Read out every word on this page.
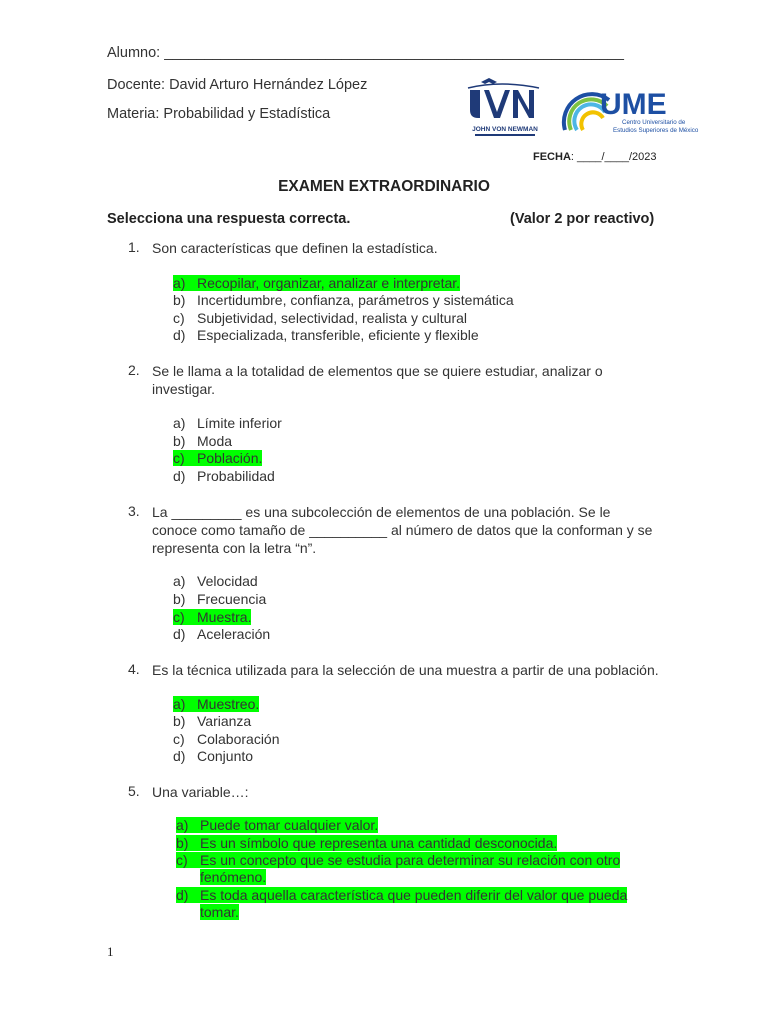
Alumno: _________________________________________________________
Docente: David Arturo Hernández López
Materia: Probabilidad y Estadística
JOHN VON NEWMAN
UME
Centro Universitario de
Estudios Superiores de México
FECHA: ____/____/2023
EXAMEN EXTRAORDINARIO
Selecciona una respuesta correcta.	(Valor 2 por reactivo)
1. Son características que definen la estadística.
a) Recopilar, organizar, analizar e interpretar.
b) Incertidumbre, confianza, parámetros y sistemática
c) Subjetividad, selectividad, realista y cultural
d) Especializada, transferible, eficiente y flexible
2. Se le llama a la totalidad de elementos que se quiere estudiar, analizar o investigar.
a) Límite inferior
b) Moda
c) Población.
d) Probabilidad
3. La _________ es una subcolección de elementos de una población. Se le conoce como tamaño de __________ al número de datos que la conforman y se representa con la letra “n”.
a) Velocidad
b) Frecuencia
c) Muestra.
d) Aceleración
4. Es la técnica utilizada para la selección de una muestra a partir de una población.
a) Muestreo.
b) Varianza
c) Colaboración
d) Conjunto
5. Una variable…:
a) Puede tomar cualquier valor.
b) Es un símbolo que representa una cantidad desconocida.
c) Es un concepto que se estudia para determinar su relación con otro
fenómeno.
d) Es toda aquella característica que pueden diferir del valor que pueda
tomar.
1
